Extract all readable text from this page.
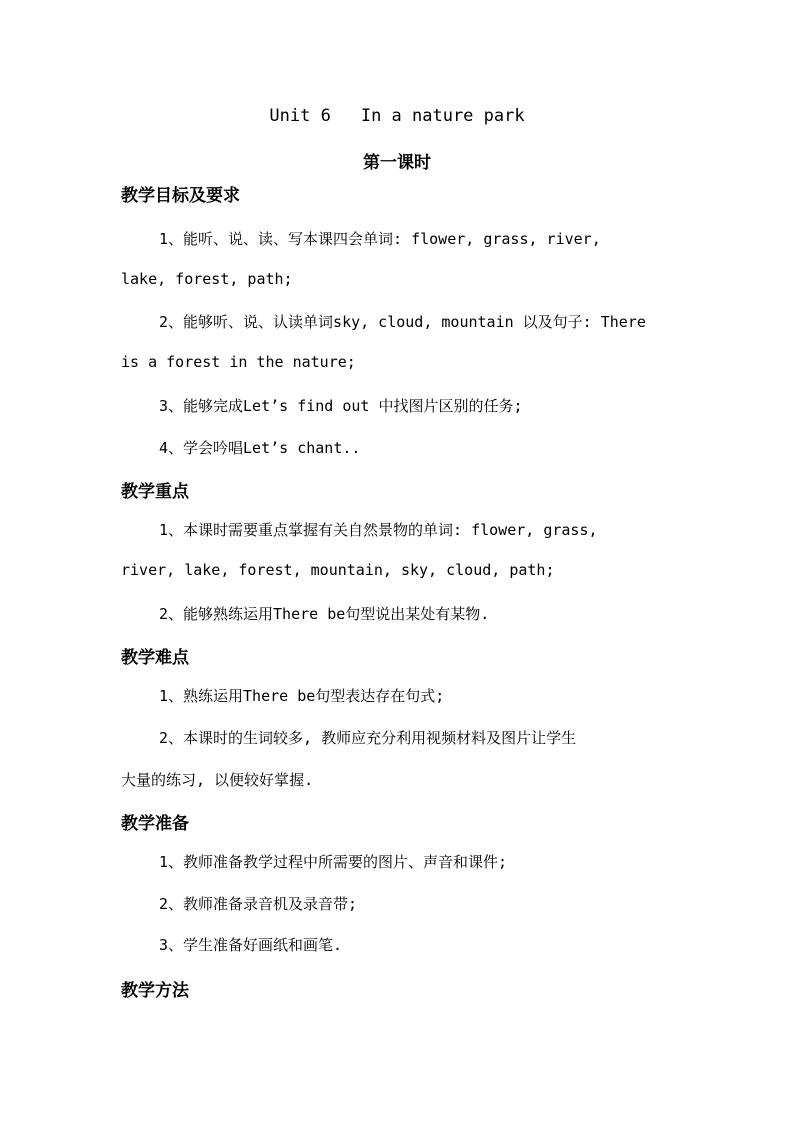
Unit 6 In a nature park
第一课时
教学目标及要求
1、能听、说、读、写本课四会单词: flower, grass, river,
lake, forest, path;
2、能够听、说、认读单词sky, cloud, mountain 以及句子: There
is a forest in the nature;
3、能够完成Let’s find out 中找图片区别的任务;
4、学会吟唱Let’s chant..
教学重点
1、本课时需要重点掌握有关自然景物的单词: flower, grass,
river, lake, forest, mountain, sky, cloud, path;
2、能够熟练运用There be句型说出某处有某物.
教学难点
1、熟练运用There be句型表达存在句式;
2、本课时的生词较多, 教师应充分利用视频材料及图片让学生
大量的练习, 以便较好掌握.
教学准备
1、教师准备教学过程中所需要的图片、声音和课件;
2、教师准备录音机及录音带;
3、学生准备好画纸和画笔.
教学方法
